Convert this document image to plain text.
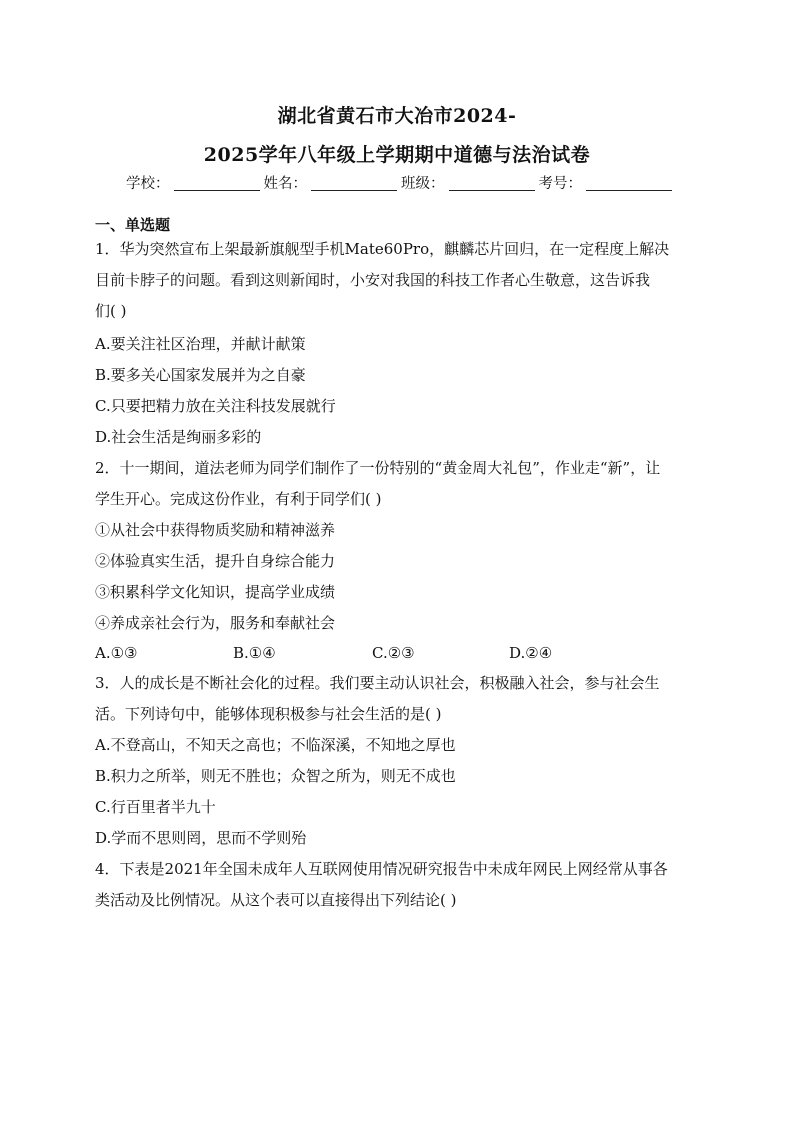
湖北省黄石市大冶市2024-
2025学年八年级上学期期中道德与法治试卷
学校：	姓名：	班级：	考号：
一、单选题
1．华为突然宣布上架最新旗舰型手机Mate60Pro，麒麟芯片回归，在一定程度上解决
目前卡脖子的问题。看到这则新闻时，小安对我国的科技工作者心生敬意，这告诉我
们( )
A.要关注社区治理，并献计献策
B.要多关心国家发展并为之自豪
C.只要把精力放在关注科技发展就行
D.社会生活是绚丽多彩的
2．十一期间，道法老师为同学们制作了一份特别的“黄金周大礼包”，作业走“新”，让
学生开心。完成这份作业，有利于同学们( )
①从社会中获得物质奖励和精神滋养
②体验真实生活，提升自身综合能力
③积累科学文化知识，提高学业成绩
④养成亲社会行为，服务和奉献社会
A.①③	B.①④	C.②③	D.②④
3．人的成长是不断社会化的过程。我们要主动认识社会，积极融入社会，参与社会生
活。下列诗句中，能够体现积极参与社会生活的是( )
A.不登高山，不知天之高也；不临深溪，不知地之厚也
B.积力之所举，则无不胜也；众智之所为，则无不成也
C.行百里者半九十
D.学而不思则罔，思而不学则殆
4．下表是2021年全国未成年人互联网使用情况研究报告中未成年网民上网经常从事各
类活动及比例情况。从这个表可以直接得出下列结论( )
